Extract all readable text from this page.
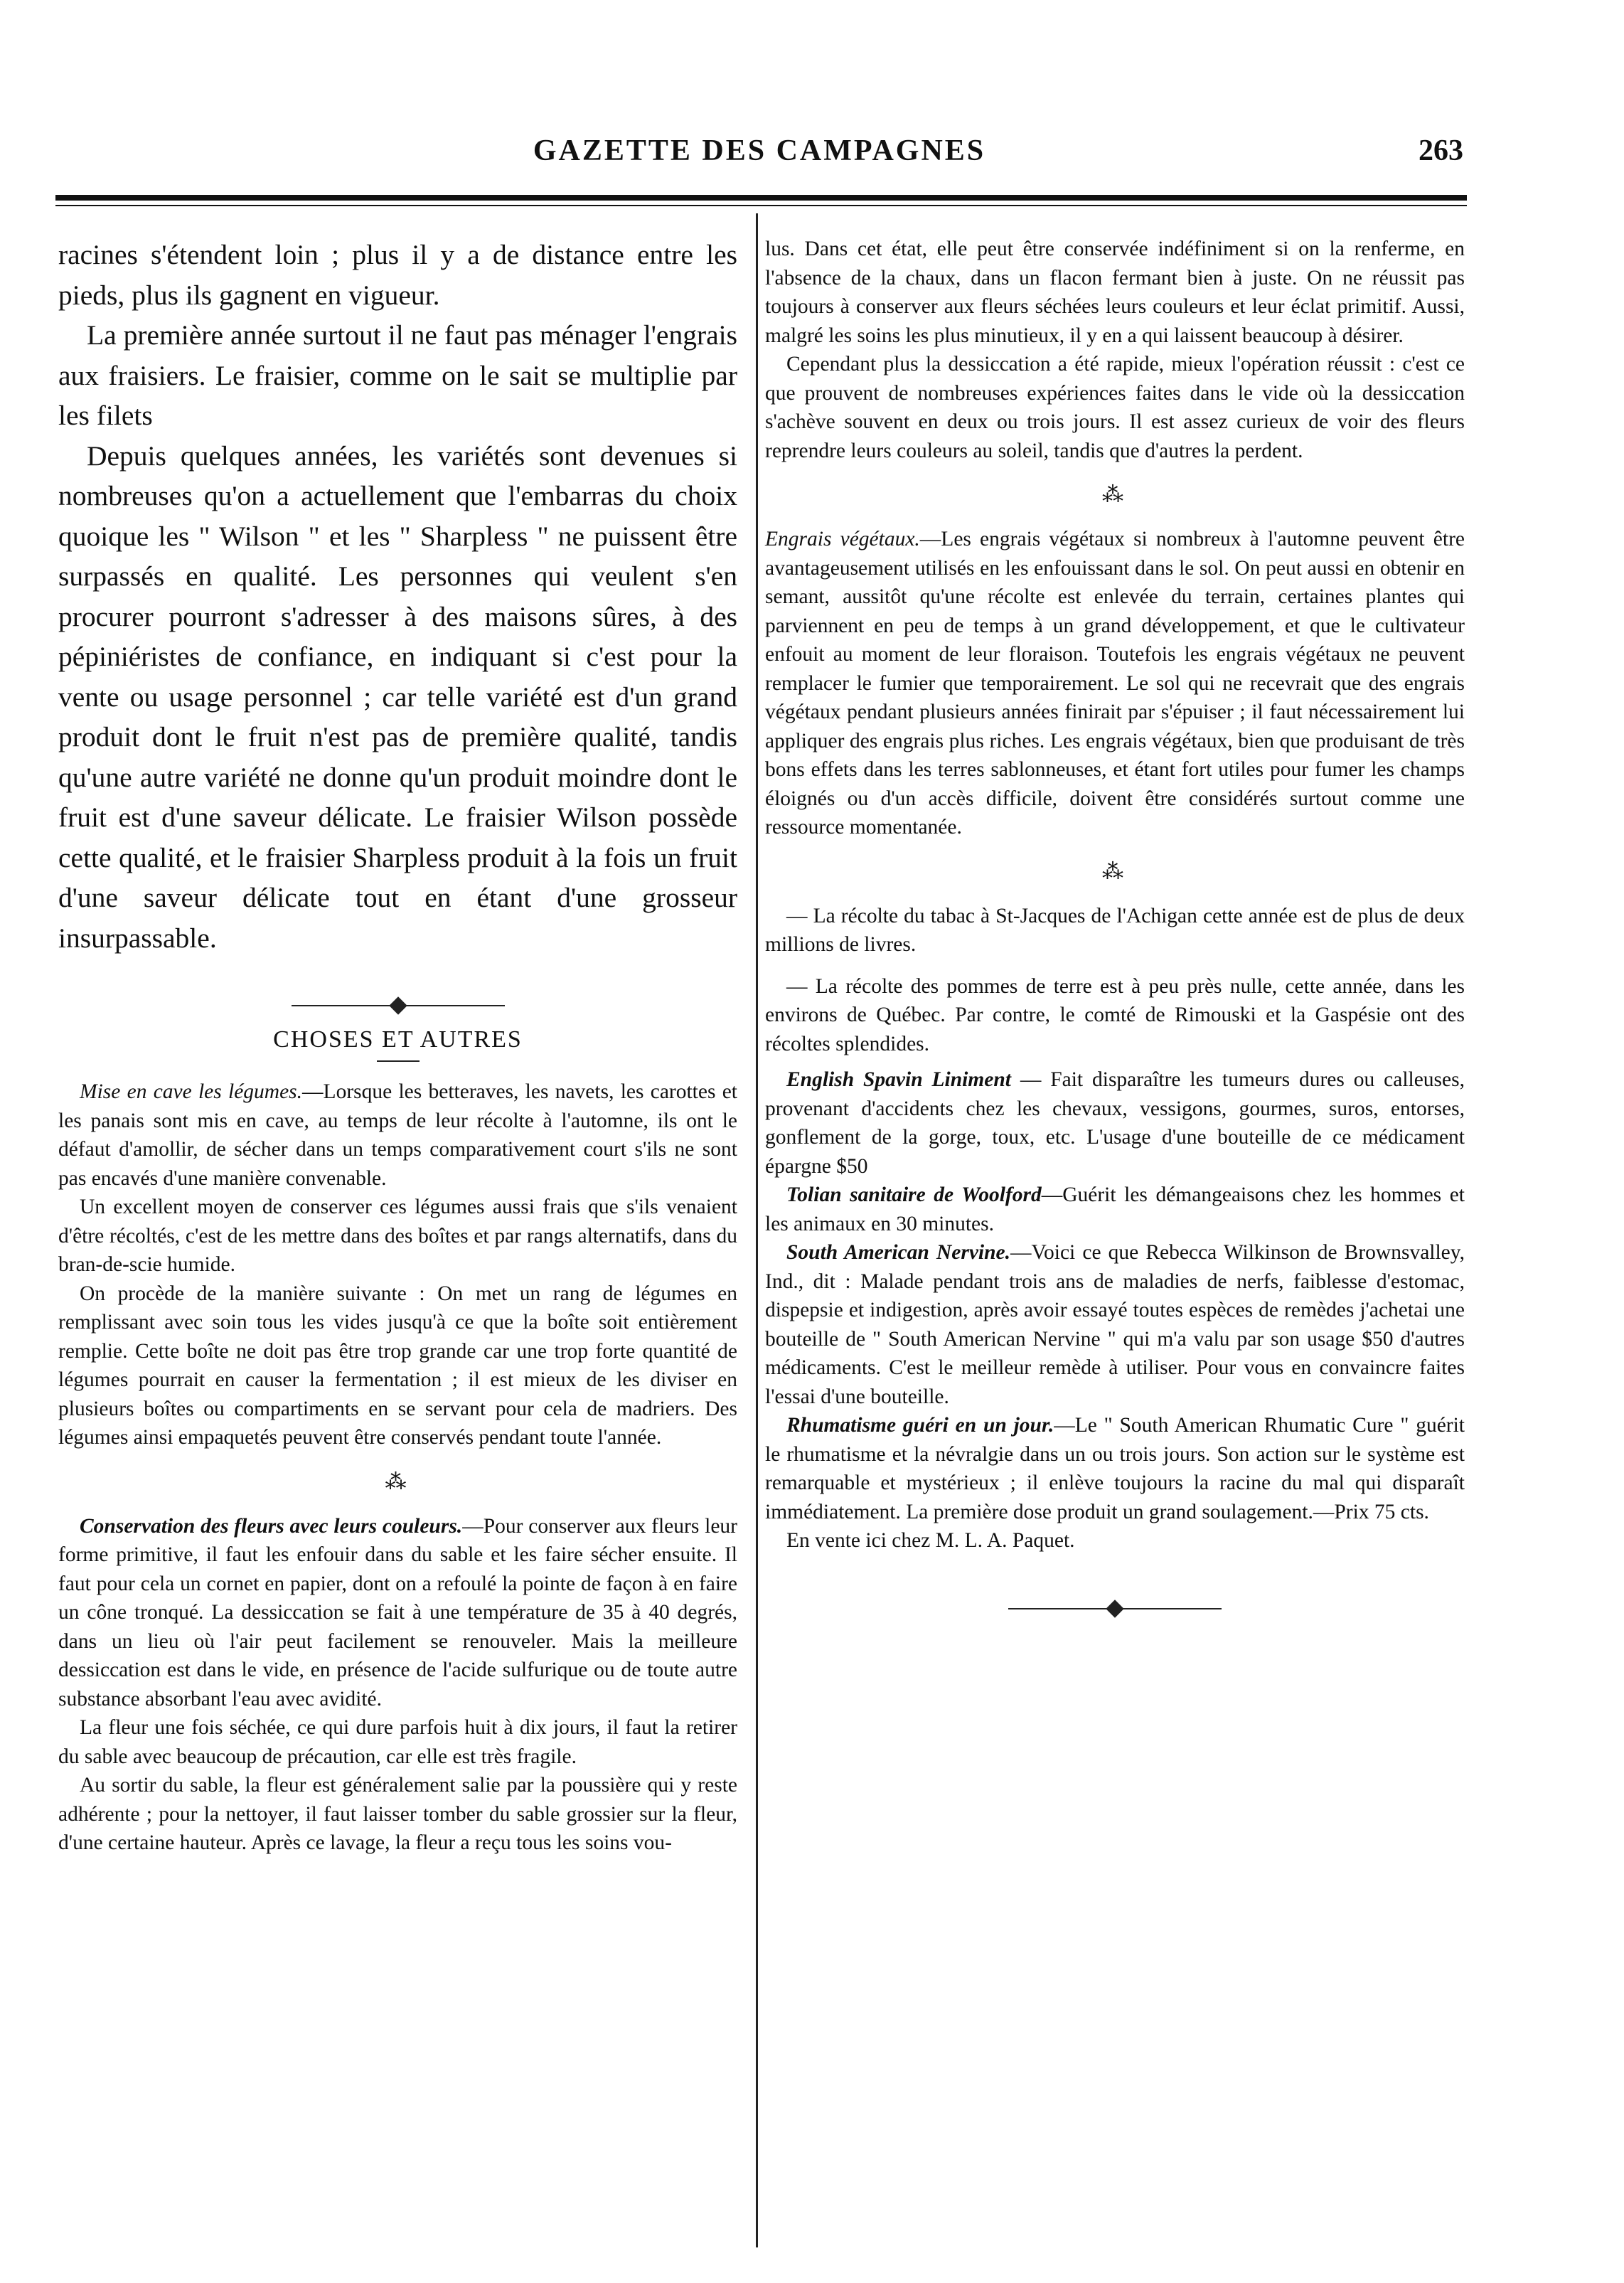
GAZETTE DES CAMPAGNES	263

racines s'étendent loin ; plus il y a de distance entre les pieds, plus ils gagnent en vigueur.

La première année surtout il ne faut pas ménager l'engrais aux fraisiers. Le fraisier, comme on le sait se multiplie par les filets

Depuis quelques années, les variétés sont devenues si nombreuses qu'on a actuellement que l'embarras du choix quoique les " Wilson " et les " Sharpless " ne puissent être surpassés en qualité. Les personnes qui veulent s'en procurer pourront s'adresser à des maisons sûres, à des pépiniéristes de confiance, en indiquant si c'est pour la vente ou usage personnel ; car telle variété est d'un grand produit dont le fruit n'est pas de première qualité, tandis qu'une autre variété ne donne qu'un produit moindre dont le fruit est d'une saveur délicate. Le fraisier Wilson possède cette qualité, et le fraisier Sharpless produit à la fois un fruit d'une saveur délicate tout en étant d'une grosseur insurpassable.

CHOSES ET AUTRES

Mise en cave les légumes.—Lorsque les betteraves, les navets, les carottes et les panais sont mis en cave, au temps de leur récolte à l'automne, ils ont le défaut d'amollir, de sécher dans un temps comparativement court s'ils ne sont pas encavés d'une manière convenable.

Un excellent moyen de conserver ces légumes aussi frais que s'ils venaient d'être récoltés, c'est de les mettre dans des boîtes et par rangs alternatifs, dans du bran-de-scie humide.

On procède de la manière suivante : On met un rang de légumes en remplissant avec soin tous les vides jusqu'à ce que la boîte soit entièrement remplie. Cette boîte ne doit pas être trop grande car une trop forte quantité de légumes pourrait en causer la fermentation ; il est mieux de les diviser en plusieurs boîtes ou compartiments en se servant pour cela de madriers. Des légumes ainsi empaquetés peuvent être conservés pendant toute l'année.

⁂

Conservation des fleurs avec leurs couleurs.—Pour conserver aux fleurs leur forme primitive, il faut les enfouir dans du sable et les faire sécher ensuite. Il faut pour cela un cornet en papier, dont on a refoulé la pointe de façon à en faire un cône tronqué. La dessiccation se fait à une température de 35 à 40 degrés, dans un lieu où l'air peut facilement se renouveler. Mais la meilleure dessiccation est dans le vide, en présence de l'acide sulfurique ou de toute autre substance absorbant l'eau avec avidité.

La fleur une fois séchée, ce qui dure parfois huit à dix jours, il faut la retirer du sable avec beaucoup de précaution, car elle est très fragile.

Au sortir du sable, la fleur est généralement salie par la poussière qui y reste adhérente ; pour la nettoyer, il faut laisser tomber du sable grossier sur la fleur, d'une certaine hauteur. Après ce lavage, la fleur a reçu tous les soins vou-

lus. Dans cet état, elle peut être conservée indéfiniment si on la renferme, en l'absence de la chaux, dans un flacon fermant bien à juste. On ne réussit pas toujours à conserver aux fleurs séchées leurs couleurs et leur éclat primitif. Aussi, malgré les soins les plus minutieux, il y en a qui laissent beaucoup à désirer.

Cependant plus la dessiccation a été rapide, mieux l'opération réussit : c'est ce que prouvent de nombreuses expériences faites dans le vide où la dessiccation s'achève souvent en deux ou trois jours. Il est assez curieux de voir des fleurs reprendre leurs couleurs au soleil, tandis que d'autres la perdent.

⁂

Engrais végétaux.—Les engrais végétaux si nombreux à l'automne peuvent être avantageusement utilisés en les enfouissant dans le sol. On peut aussi en obtenir en semant, aussitôt qu'une récolte est enlevée du terrain, certaines plantes qui parviennent en peu de temps à un grand développement, et que le cultivateur enfouit au moment de leur floraison. Toutefois les engrais végétaux ne peuvent remplacer le fumier que temporairement. Le sol qui ne recevrait que des engrais végétaux pendant plusieurs années finirait par s'épuiser ; il faut nécessairement lui appliquer des engrais plus riches. Les engrais végétaux, bien que produisant de très bons effets dans les terres sablonneuses, et étant fort utiles pour fumer les champs éloignés ou d'un accès difficile, doivent être considérés surtout comme une ressource momentanée.

⁂

— La récolte du tabac à St-Jacques de l'Achigan cette année est de plus de deux millions de livres.

— La récolte des pommes de terre est à peu près nulle, cette année, dans les environs de Québec. Par contre, le comté de Rimouski et la Gaspésie ont des récoltes splendides.

English Spavin Liniment — Fait disparaître les tumeurs dures ou calleuses, provenant d'accidents chez les chevaux, vessigons, gourmes, suros, entorses, gonflement de la gorge, toux, etc. L'usage d'une bouteille de ce médicament épargne $50

Tolian sanitaire de Woolford—Guérit les démangeaisons chez les hommes et les animaux en 30 minutes.

South American Nervine.—Voici ce que Rebecca Wilkinson de Brownsvalley, Ind., dit : Malade pendant trois ans de maladies de nerfs, faiblesse d'estomac, dispepsie et indigestion, après avoir essayé toutes espèces de remèdes j'achetai une bouteille de " South American Nervine " qui m'a valu par son usage $50 d'autres médicaments. C'est le meilleur remède à utiliser. Pour vous en convaincre faites l'essai d'une bouteille.

Rhumatisme guéri en un jour.—Le " South American Rhumatic Cure " guérit le rhumatisme et la névralgie dans un ou trois jours. Son action sur le système est remarquable et mystérieux ; il enlève toujours la racine du mal qui disparaît immédiatement. La première dose produit un grand soulagement.—Prix 75 cts.

En vente ici chez M. L. A. Paquet.
